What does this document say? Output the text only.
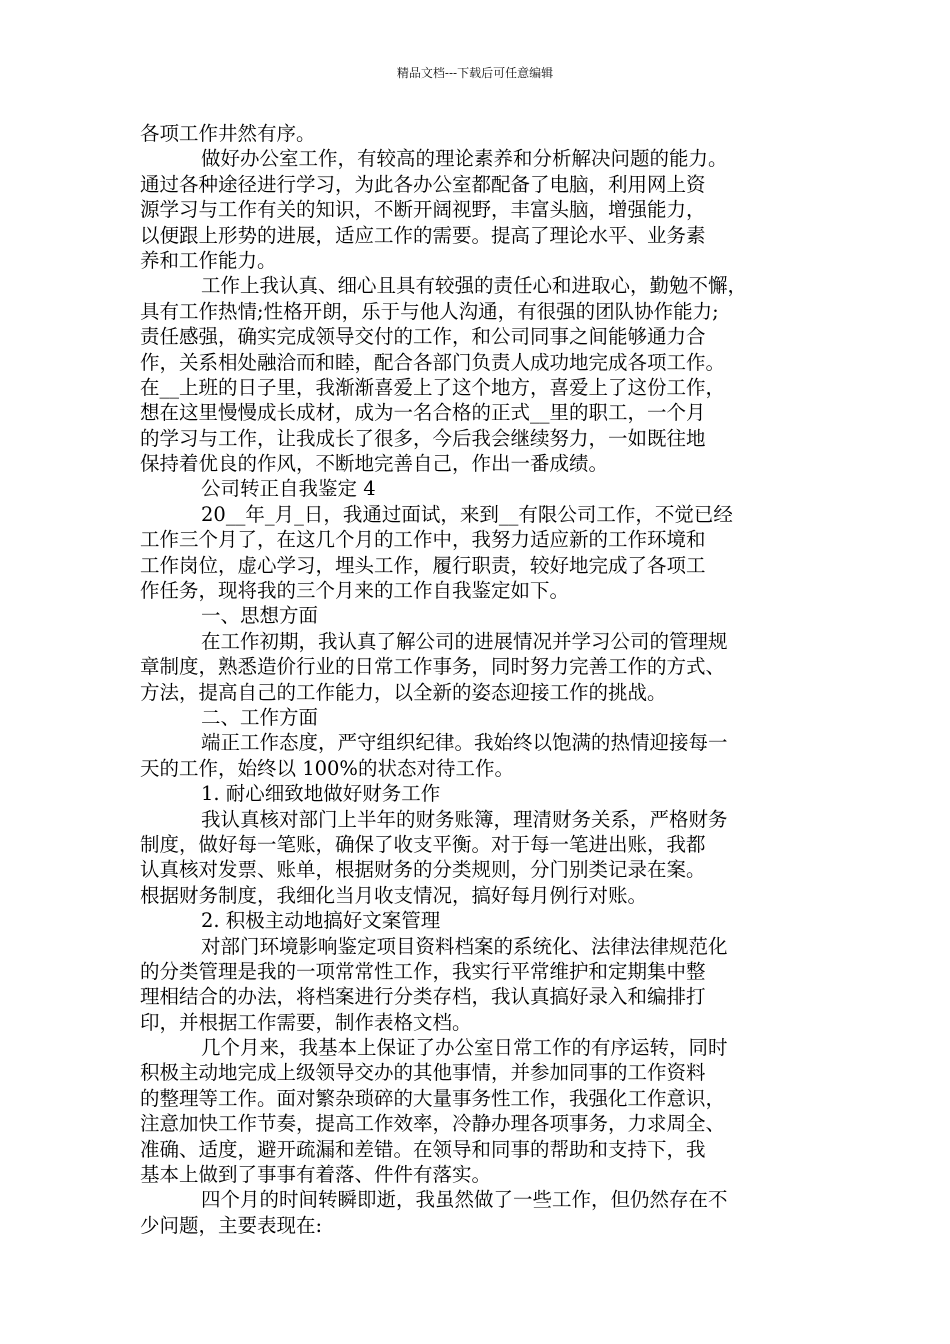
精品文档---下载后可任意编辑
各项工作井然有序。
做好办公室工作，有较高的理论素养和分析解决问题的能力。
通过各种途径进行学习，为此各办公室都配备了电脑，利用网上资
源学习与工作有关的知识，不断开阔视野，丰富头脑，增强能力，
以便跟上形势的进展，适应工作的需要。提高了理论水平、业务素
养和工作能力。
工作上我认真、细心且具有较强的责任心和进取心，勤勉不懈，
具有工作热情;性格开朗，乐于与他人沟通，有很强的团队协作能力;
责任感强，确实完成领导交付的工作，和公司同事之间能够通力合
作，关系相处融洽而和睦，配合各部门负责人成功地完成各项工作。
在__上班的日子里，我渐渐喜爱上了这个地方，喜爱上了这份工作，
想在这里慢慢成长成材，成为一名合格的正式__里的职工，一个月
的学习与工作，让我成长了很多，今后我会继续努力，一如既往地
保持着优良的作风，不断地完善自己，作出一番成绩。
公司转正自我鉴定 4
20__年_月_日，我通过面试，来到__有限公司工作，不觉已经
工作三个月了，在这几个月的工作中，我努力适应新的工作环境和
工作岗位，虚心学习，埋头工作，履行职责，较好地完成了各项工
作任务，现将我的三个月来的工作自我鉴定如下。
一、思想方面
在工作初期，我认真了解公司的进展情况并学习公司的管理规
章制度，熟悉造价行业的日常工作事务，同时努力完善工作的方式、
方法，提高自己的工作能力，以全新的姿态迎接工作的挑战。
二、工作方面
端正工作态度，严守组织纪律。我始终以饱满的热情迎接每一
天的工作，始终以 100%的状态对待工作。
1. 耐心细致地做好财务工作
我认真核对部门上半年的财务账簿，理清财务关系，严格财务
制度，做好每一笔账，确保了收支平衡。对于每一笔进出账，我都
认真核对发票、账单，根据财务的分类规则，分门别类记录在案。
根据财务制度，我细化当月收支情况，搞好每月例行对账。
2. 积极主动地搞好文案管理
对部门环境影响鉴定项目资料档案的系统化、法律法律规范化
的分类管理是我的一项常常性工作，我实行平常维护和定期集中整
理相结合的办法，将档案进行分类存档，我认真搞好录入和编排打
印，并根据工作需要，制作表格文档。
几个月来，我基本上保证了办公室日常工作的有序运转，同时
积极主动地完成上级领导交办的其他事情，并参加同事的工作资料
的整理等工作。面对繁杂琐碎的大量事务性工作，我强化工作意识，
注意加快工作节奏，提高工作效率，冷静办理各项事务，力求周全、
准确、适度，避开疏漏和差错。在领导和同事的帮助和支持下，我
基本上做到了事事有着落、件件有落实。
四个月的时间转瞬即逝，我虽然做了一些工作，但仍然存在不
少问题，主要表现在:
